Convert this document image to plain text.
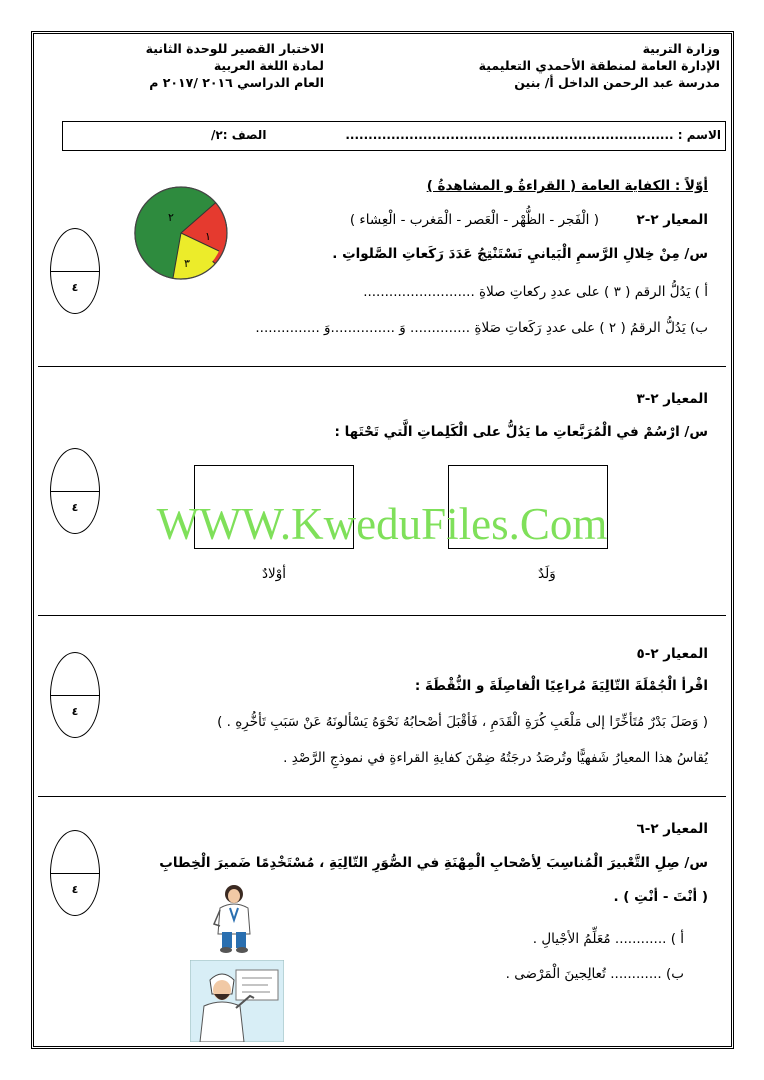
وزارة التربية
الإدارة العامة لمنطقة الأحمدي التعليمية
مدرسة عبد الرحمن الداخل أ/ بنين
الاختبار القصير للوحدة الثانية
لمادة اللغة العربية
العام الدراسي ٢٠١٦ /٢٠١٧ م
الاسم : ........................................................................
الصف :٢/
أوّلاً : الكفاية العامة ( القراءةُ و المشاهدةُ )
المعيار ٢-٢
( الْفَجر - الظُّهْر - الْعَصر - الْمَغرب - الْعِشاء )
س/ مِنْ خِلالِ الرَّسمِ الْبَيانيِ نَسْتَنْتِجُ عَدَدَ رَكَعاتِ الصَّلواتِ .
أ ) يَدُلُّ الرقم ( ٣ ) على عددِ ركعاتِ صلاةِ ..........................
ب) يَدُلُّ الرقمُ ( ٢ ) على عددِ رَكَعاتِ صَلاةِ .............. وَ ...............وَ ...............
٢
١
٣
٤
المعيار ٢-٣
س/ ارْسُمْ في الْمُرَبَّعاتِ ما يَدُلُّ على الْكَلِماتِ الَّتي تَحْتَها :
وَلَدٌ
أوْلادٌ
٤	WWW.KweduFiles.Com
المعيار ٢-٥
اقْرأ الْجُمْلَةَ التّالِيَةَ مُراعِيًا الْفاصِلَةَ و النُّقْطَةَ :
( وَصَلَ بَدْرٌ مُتَأخِّرًا إلى مَلْعَبِ كُرَةِ الْقَدَمِ ، فَأقْبَلَ أصْحابُهُ نَحْوَهُ يَسْألونَهُ عَنْ سَبَبِ تَأخُّرِهِ . )
يُقاسُ هذا المعيارُ شَفهيًّا وتُرصَدُ درجَتُهُ ضِمْنَ كفايةِ القراءةِ في نموذجِ الرَّصْدِ .
٤
المعيار ٢-٦
س/ صِلِ التَّعْبيرَ الْمُناسِبَ لِأصْحابِ الْمِهْنَةِ في الصُّوَرِ التّالِيَةِ ، مُسْتَخْدِمًا ضَميرَ الْخِطابِ
( أنْتَ - أنْتِ ) .
أ ) ............ مُعَلِّمُ الأجْيالِ .
ب) ............ تُعالِجينَ الْمَرْضى .
٤
